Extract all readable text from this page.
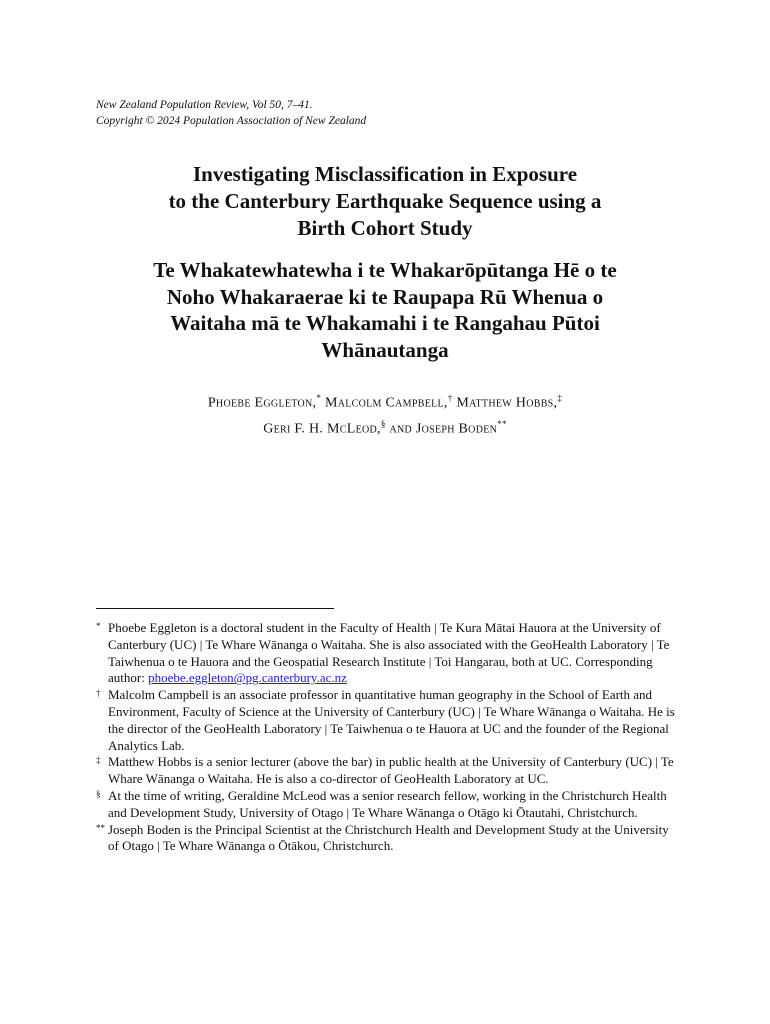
New Zealand Population Review, Vol 50, 7–41.
Copyright © 2024 Population Association of New Zealand
Investigating Misclassification in Exposure
to the Canterbury Earthquake Sequence using a
Birth Cohort Study
Te Whakatewhatewha i te Whakarōpūtanga Hē o te
Noho Whakaraerae ki te Raupapa Rū Whenua o
Waitaha mā te Whakamahi i te Rangahau Pūtoi
Whānautanga
Phoebe Eggleton,* Malcolm Campbell,† Matthew Hobbs,‡
Geri F. H. McLeod,§ and Joseph Boden**

* Phoebe Eggleton is a doctoral student in the Faculty of Health | Te Kura Mātai Hauora at the University of Canterbury (UC) | Te Whare Wānanga o Waitaha. She is also associated with the GeoHealth Laboratory | Te Taiwhenua o te Hauora and the Geospatial Research Institute | Toi Hangarau, both at UC. Corresponding author: phoebe.eggleton@pg.canterbury.ac.nz

† Malcolm Campbell is an associate professor in quantitative human geography in the School of Earth and Environment, Faculty of Science at the University of Canterbury (UC) | Te Whare Wānanga o Waitaha. He is the director of the GeoHealth Laboratory | Te Taiwhenua o te Hauora at UC and the founder of the Regional Analytics Lab.

‡ Matthew Hobbs is a senior lecturer (above the bar) in public health at the University of Canterbury (UC) | Te Whare Wānanga o Waitaha. He is also a co-director of GeoHealth Laboratory at UC.

§ At the time of writing, Geraldine McLeod was a senior research fellow, working in the Christchurch Health and Development Study, University of Otago | Te Whare Wānanga o Otāgo ki Ōtautahi, Christchurch.

** Joseph Boden is the Principal Scientist at the Christchurch Health and Development Study at the University of Otago | Te Whare Wānanga o Ōtākou, Christchurch.
